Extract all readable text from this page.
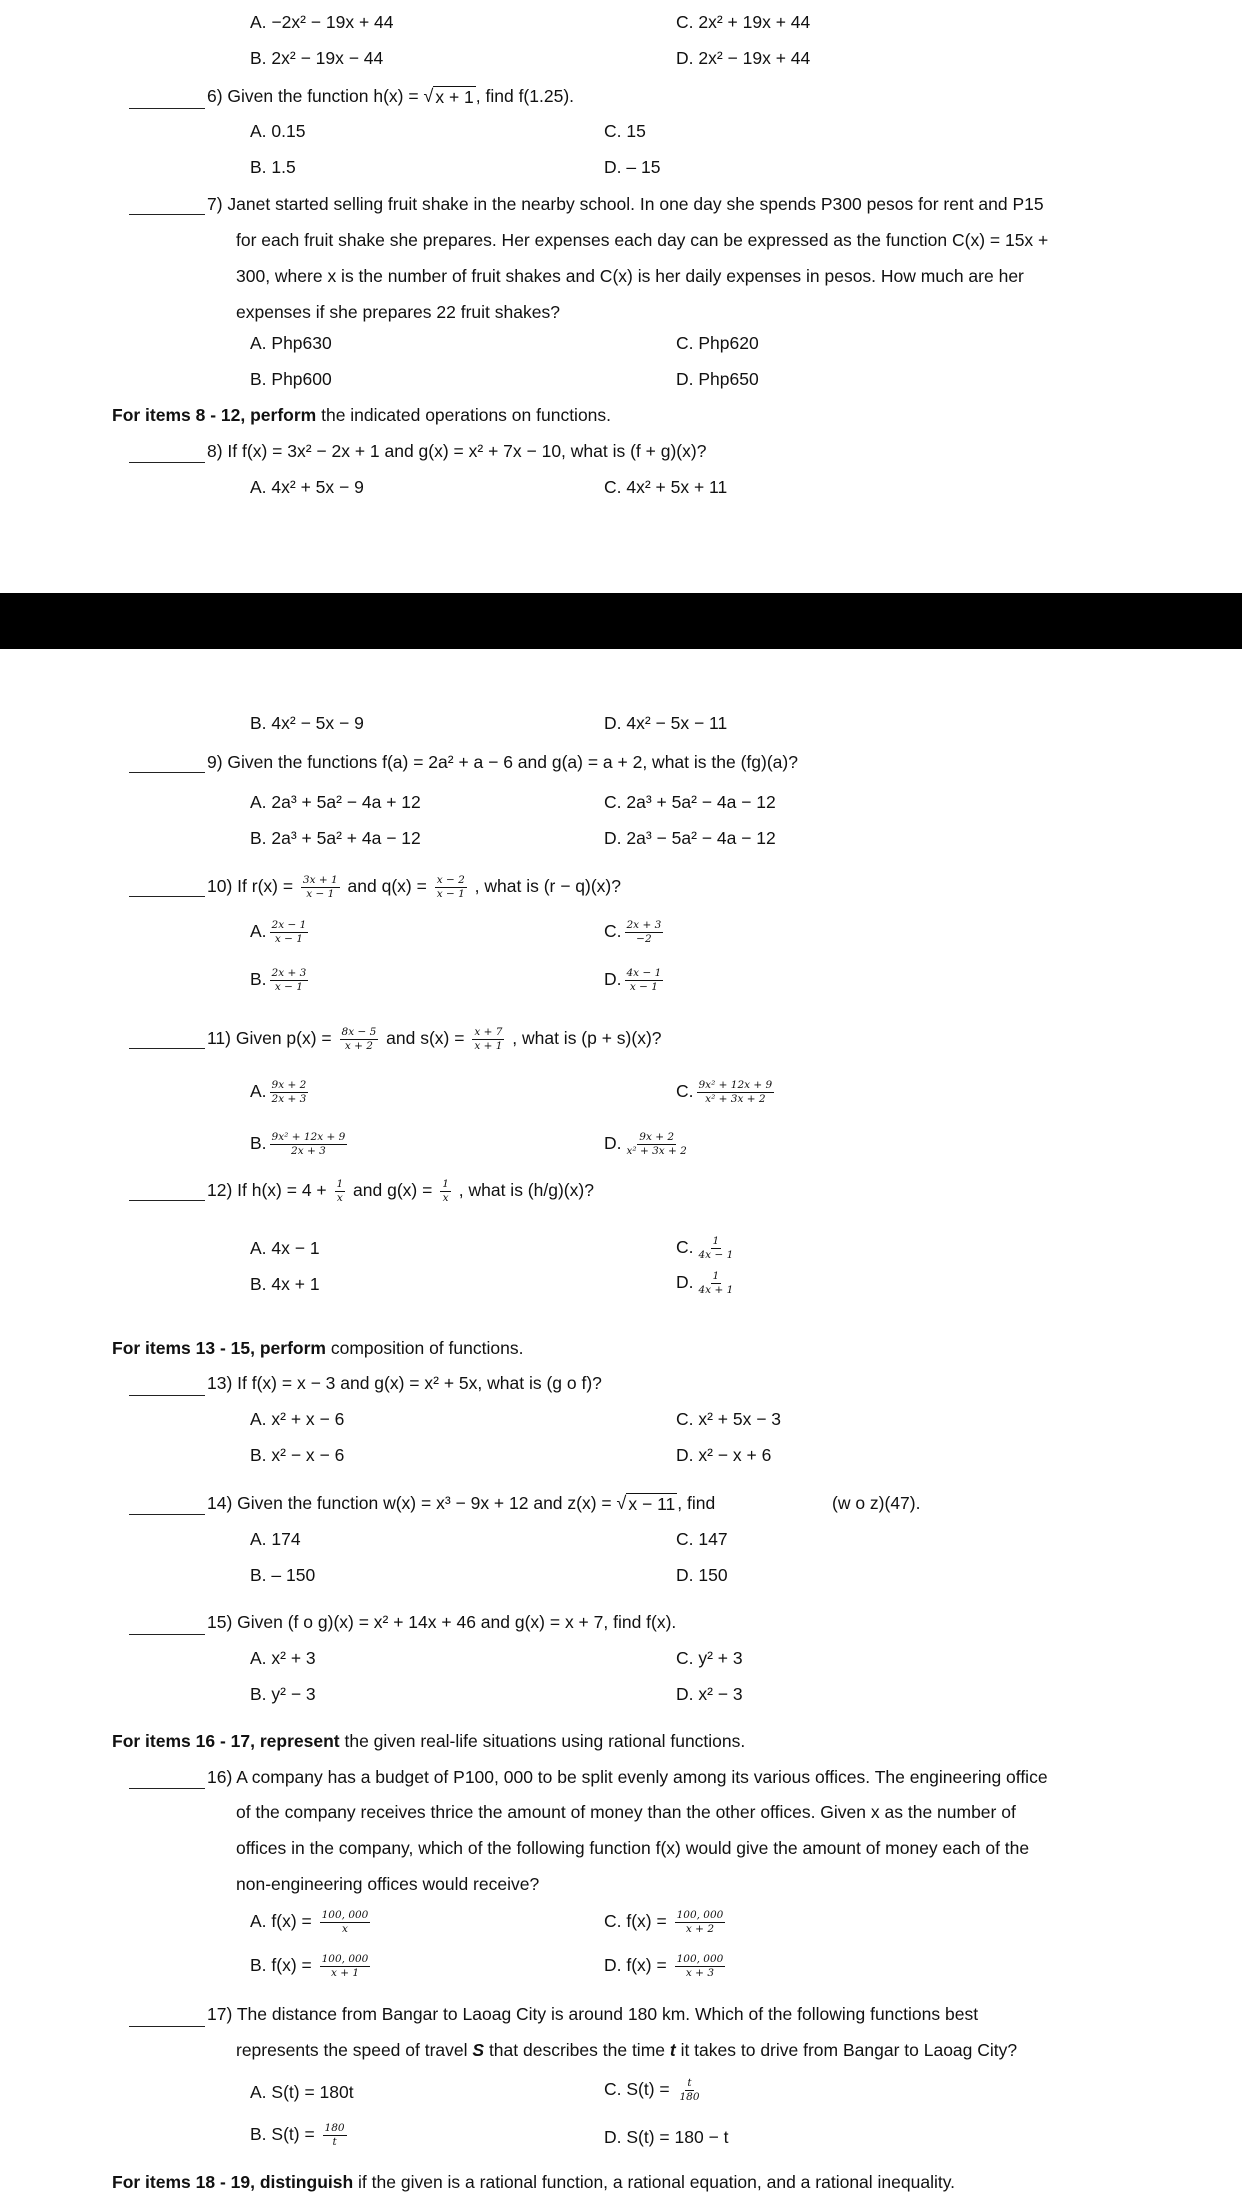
A. −2x² − 19x + 44	C. 2x² + 19x + 44
B. 2x² − 19x − 44	D. 2x² − 19x + 44
6) Given the function h(x) = √ x + 1 , find f(1.25).
A. 0.15	C. 15
B. 1.5	D. – 15
7) Janet started selling fruit shake in the nearby school. In one day she spends P300 pesos for rent and P15
for each fruit shake she prepares. Her expenses each day can be expressed as the function C(x) = 15x +
300, where x is the number of fruit shakes and C(x) is her daily expenses in pesos. How much are her
expenses if she prepares 22 fruit shakes?
A. Php630	C. Php620
B. Php600	D. Php650
For items 8 - 12, perform the indicated operations on functions.
8) If f(x) = 3x² − 2x + 1 and g(x) = x² + 7x − 10, what is (f + g)(x)?
A. 4x² + 5x − 9	C. 4x² + 5x + 11
B. 4x² − 5x − 9	D. 4x² − 5x − 11
9) Given the functions f(a) = 2a² + a − 6 and g(a) = a + 2, what is the (fg)(a)?
A. 2a³ + 5a² − 4a + 12	C. 2a³ + 5a² − 4a − 12
B. 2a³ + 5a² + 4a − 12	D. 2a³ − 5a² − 4a − 12
10) If $r(x) = \frac{3x + 1}{x - 1}$ and $q(x) = \frac{x - 2}{x - 1}$ , what is (r − q)(x)?
A. $\frac{2x - 1}{x - 1}$	C. $\frac{2x + 3}{-2}$
B. $\frac{2x + 3}{x - 1}$	D. $\frac{4x - 1}{x - 1}$
11) Given $p(x) = \frac{8x - 5}{x + 2}$ and $s(x) = \frac{x + 7}{x + 1}$ , what is (p + s)(x)?
A. $\frac{9x + 2}{2x + 3}$	C. $\frac{\text{9x² + 12x + 9}}{\text{x² + 3x + 2}}$
B. $\frac{\text{9x² + 12x + 9}}{2x + 3}$	D. $\frac{9x + 2}{\text{x² + 3x + 2}}$
12) If $h(x) = 4 + \frac{1}{x}$ and $g(x) = \frac{1}{x}$ , what is (h/g)(x)?
A. 4x − 1	C. $\frac{1}{4x - 1}$
B. 4x + 1	D. $\frac{1}{4x + 1}$
For items 13 - 15, perform composition of functions.
13) If f(x) = x − 3 and g(x) = x² + 5x, what is (g o f)?
A. x² + x − 6	C. x² + 5x − 3
B. x² − x − 6	D. x² − x + 6
14) Given the function w(x) = x³ − 9x + 12 and z(x) = √ x − 11 , find	(w o z)(47).
A. 174	C. 147
B. – 150	D. 150
15) Given (f o g)(x) = x² + 14x + 46 and g(x) = x + 7, find f(x).
A. x² + 3	C. y² + 3
B. y² − 3	D. x² − 3
For items 16 - 17, represent the given real-life situations using rational functions.
16) A company has a budget of P100, 000 to be split evenly among its various offices. The engineering office
of the company receives thrice the amount of money than the other offices. Given x as the number of
offices in the company, which of the following function f(x) would give the amount of money each of the
non-engineering offices would receive?
A. $f(x) = \frac{100, 000}{x}$	C. $f(x) = \frac{100, 000}{x + 2}$
B. $f(x) = \frac{100, 000}{x + 1}$	D. $f(x) = \frac{100, 000}{x + 3}$
17) The distance from Bangar to Laoag City is around 180 km. Which of the following functions best
represents the speed of travel S that describes the time t it takes to drive from Bangar to Laoag City?
A. S(t) = 180t	C. $S(t) = \frac{t}{180}$
B. $S(t) = \frac{180}{t}$	D. S(t) = 180 − t
For items 18 - 19, distinguish if the given is a rational function, a rational equation, and a rational inequality.
